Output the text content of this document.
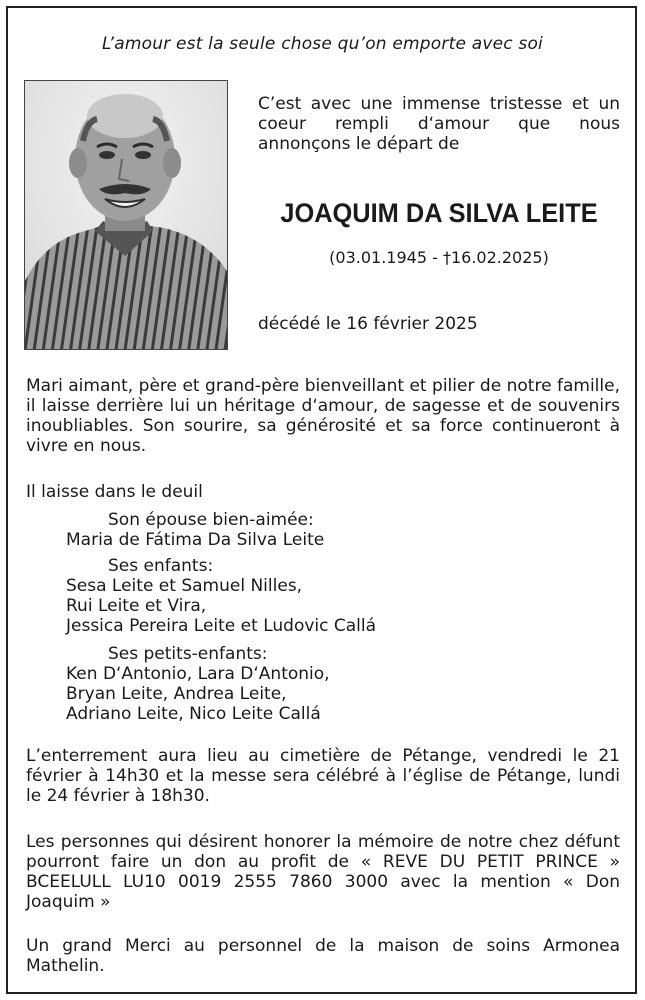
L’amour est la seule chose qu’on emporte avec soi
C’est avec une immense tristesse et un coeur rempli d‘amour que nous annonçons le départ de
JOAQUIM DA SILVA LEITE
(03.01.1945 - †16.02.2025)
décédé le 16 février 2025
Mari aimant, père et grand-père bienveillant et pilier de notre famille, il laisse derrière lui un héritage d‘amour, de sagesse et de souvenirs inoubliables. Son sourire, sa générosité et sa force continueront à vivre en nous.
Il laisse dans le deuil
Son épouse bien-aimée:
Maria de Fátima Da Silva Leite
Ses enfants:
Sesa Leite et Samuel Nilles,
Rui Leite et Vira,
Jessica Pereira Leite et Ludovic Callá
Ses petits-enfants:
Ken D‘Antonio, Lara D‘Antonio,
Bryan Leite, Andrea Leite,
Adriano Leite, Nico Leite Callá
L’enterrement aura lieu au cimetière de Pétange, vendredi le 21 février à 14h30 et la messe sera célébré à l’église de Pétange, lundi le 24 février à 18h30.
Les personnes qui désirent honorer la mémoire de notre chez défunt pourront faire un don au profit de « REVE DU PETIT PRINCE » BCEELULL LU10 0019 2555 7860 3000 avec la mention « Don Joaquim »
Un grand Merci au personnel de la maison de soins Armonea Mathelin.
